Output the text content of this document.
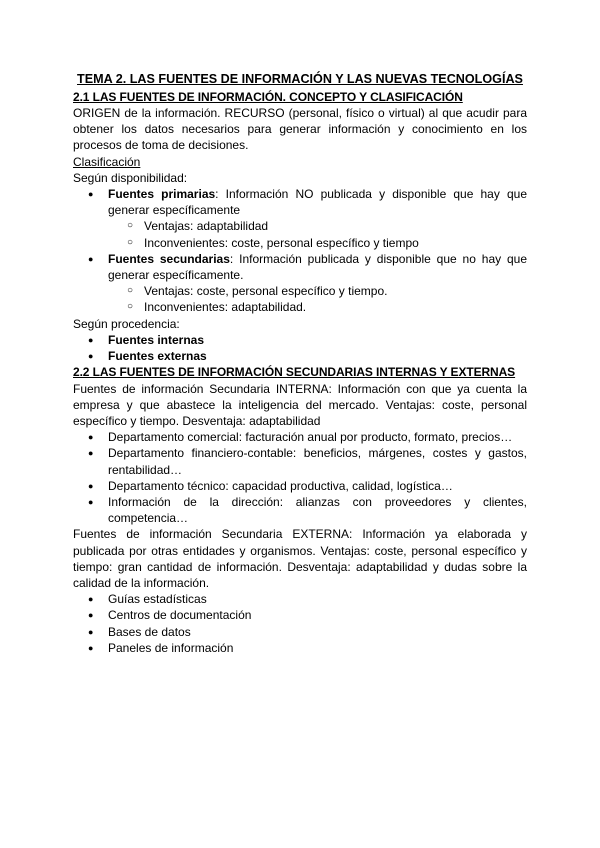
TEMA 2. LAS FUENTES DE INFORMACIÓN Y LAS NUEVAS TECNOLOGÍAS

2.1 LAS FUENTES DE INFORMACIÓN. CONCEPTO Y CLASIFICACIÓN

ORIGEN de la información. RECURSO (personal, físico o virtual) al que acudir para obtener los datos necesarios para generar información y conocimiento en los procesos de toma de decisiones.

Clasificación

Según disponibilidad:

● Fuentes primarias: Información NO publicada y disponible que hay que generar específicamente
○ Ventajas: adaptabilidad
○ Inconvenientes: coste, personal específico y tiempo
● Fuentes secundarias: Información publicada y disponible que no hay que generar específicamente.
○ Ventajas: coste, personal específico y tiempo.
○ Inconvenientes: adaptabilidad.

Según procedencia:

● Fuentes internas
● Fuentes externas

2.2 LAS FUENTES DE INFORMACIÓN SECUNDARIAS INTERNAS Y EXTERNAS

Fuentes de información Secundaria INTERNA: Información con que ya cuenta la empresa y que abastece la inteligencia del mercado. Ventajas: coste, personal específico y tiempo. Desventaja: adaptabilidad

● Departamento comercial: facturación anual por producto, formato, precios…
● Departamento financiero-contable: beneficios, márgenes, costes y gastos, rentabilidad…
● Departamento técnico: capacidad productiva, calidad, logística…
● Información de la dirección: alianzas con proveedores y clientes, competencia…

Fuentes de información Secundaria EXTERNA: Información ya elaborada y publicada por otras entidades y organismos. Ventajas: coste, personal específico y tiempo: gran cantidad de información. Desventaja: adaptabilidad y dudas sobre la calidad de la información.

● Guías estadísticas
● Centros de documentación
● Bases de datos
● Paneles de información
